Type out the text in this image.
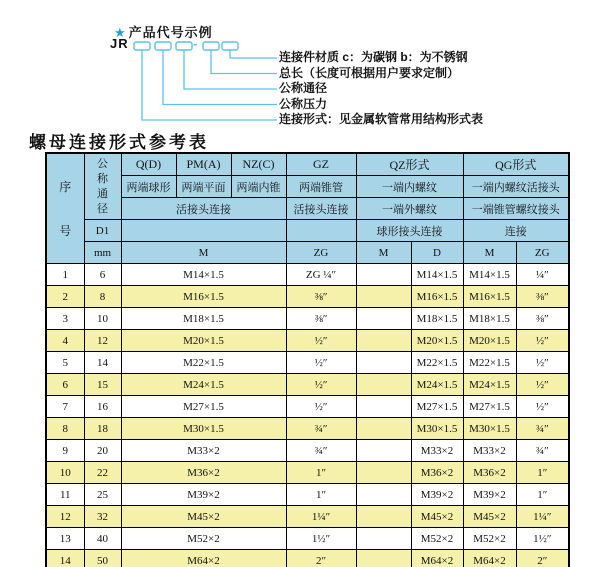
★ 产品代号示例
JR	-
连接件材质 c：为碳钢 b：为不锈钢
总长（长度可根据用户要求定制）
公称通径
公称压力
连接形式：见金属软管常用结构形式表
螺母连接形式参考表
序号	公称通径	Q(D)	PM(A)	NZ(C)	GZ	QZ形式		QG形式	
		两端球形	两端平面	两端内锥	两端锥管	一端内螺纹		一端内螺纹活接头	
		活接头连接			活接头连接	一端外螺纹		一端锥管螺纹接头	
	D1					球形接头连接		连接	
	mm	M			ZG	M	D	M	ZG
1	6	M14×1.5			ZG ¼″		M14×1.5	M14×1.5	¼″
2	8	M16×1.5			⅜″		M16×1.5	M16×1.5	⅜″
3	10	M18×1.5			⅜″		M18×1.5	M18×1.5	⅜″
4	12	M20×1.5			½″		M20×1.5	M20×1.5	½″
5	14	M22×1.5			½″		M22×1.5	M22×1.5	½″
6	15	M24×1.5			½″		M24×1.5	M24×1.5	½″
7	16	M27×1.5			½″		M27×1.5	M27×1.5	½″
8	18	M30×1.5			¾″		M30×1.5	M30×1.5	¾″
9	20	M33×2			¾″		M33×2	M33×2	¾″
10	22	M36×2			1″		M36×2	M36×2	1″
11	25	M39×2			1″		M39×2	M39×2	1″
12	32	M45×2			1¼″		M45×2	M45×2	1¼″
13	40	M52×2			1½″		M52×2	M52×2	1½″
14	50	M64×2			2″		M64×2	M64×2	2″
